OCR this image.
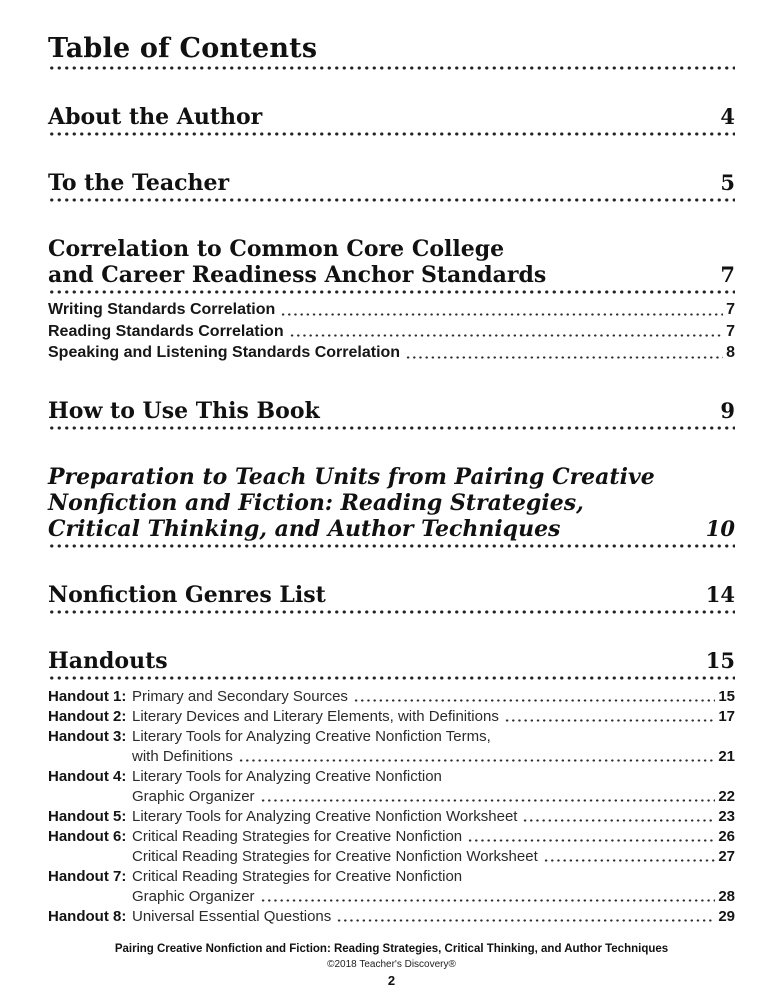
Table of Contents
About the Author	4
To the Teacher	5
Correlation to Common Core College
and Career Readiness Anchor Standards	7
Writing Standards Correlation	7
Reading Standards Correlation	7
Speaking and Listening Standards Correlation	8
How to Use This Book	9
Preparation to Teach Units from Pairing Creative
Nonfiction and Fiction: Reading Strategies,
Critical Thinking, and Author Techniques	10
Nonfiction Genres List	14
Handouts	15
Handout 1: Primary and Secondary Sources	15
Handout 2: Literary Devices and Literary Elements, with Definitions	17
Handout 3: Literary Tools for Analyzing Creative Nonfiction Terms,
with Definitions	21
Handout 4: Literary Tools for Analyzing Creative Nonfiction
Graphic Organizer	22
Handout 5: Literary Tools for Analyzing Creative Nonfiction Worksheet	23
Handout 6: Critical Reading Strategies for Creative Nonfiction	26
Critical Reading Strategies for Creative Nonfiction Worksheet	27
Handout 7: Critical Reading Strategies for Creative Nonfiction
Graphic Organizer	28
Handout 8: Universal Essential Questions	29
Pairing Creative Nonfiction and Fiction: Reading Strategies, Critical Thinking, and Author Techniques
©2018 Teacher's Discovery®
2
